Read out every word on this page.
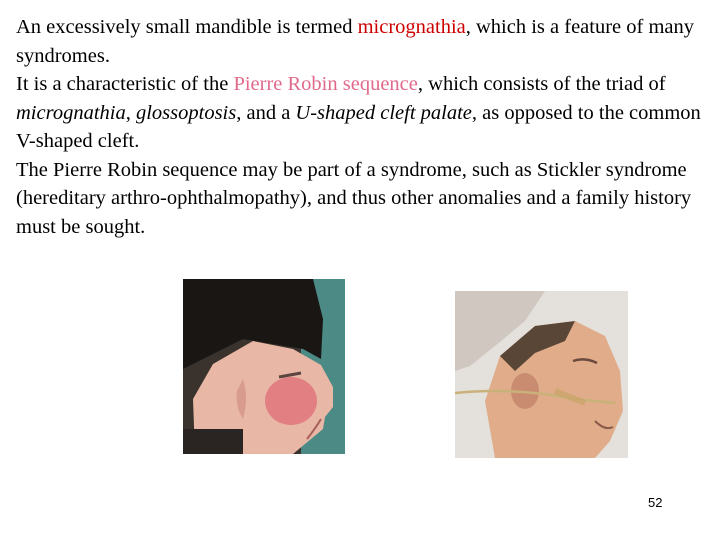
An excessively small mandible is termed micrognathia, which is a feature of many syndromes.

It is a characteristic of the Pierre Robin sequence, which consists of the triad of micrognathia, glossoptosis, and a U-shaped cleft palate, as opposed to the common V-shaped cleft.

The Pierre Robin sequence may be part of a syndrome, such as Stickler syndrome (hereditary arthro-ophthalmopathy), and thus other anomalies and a family history must be sought.

52
